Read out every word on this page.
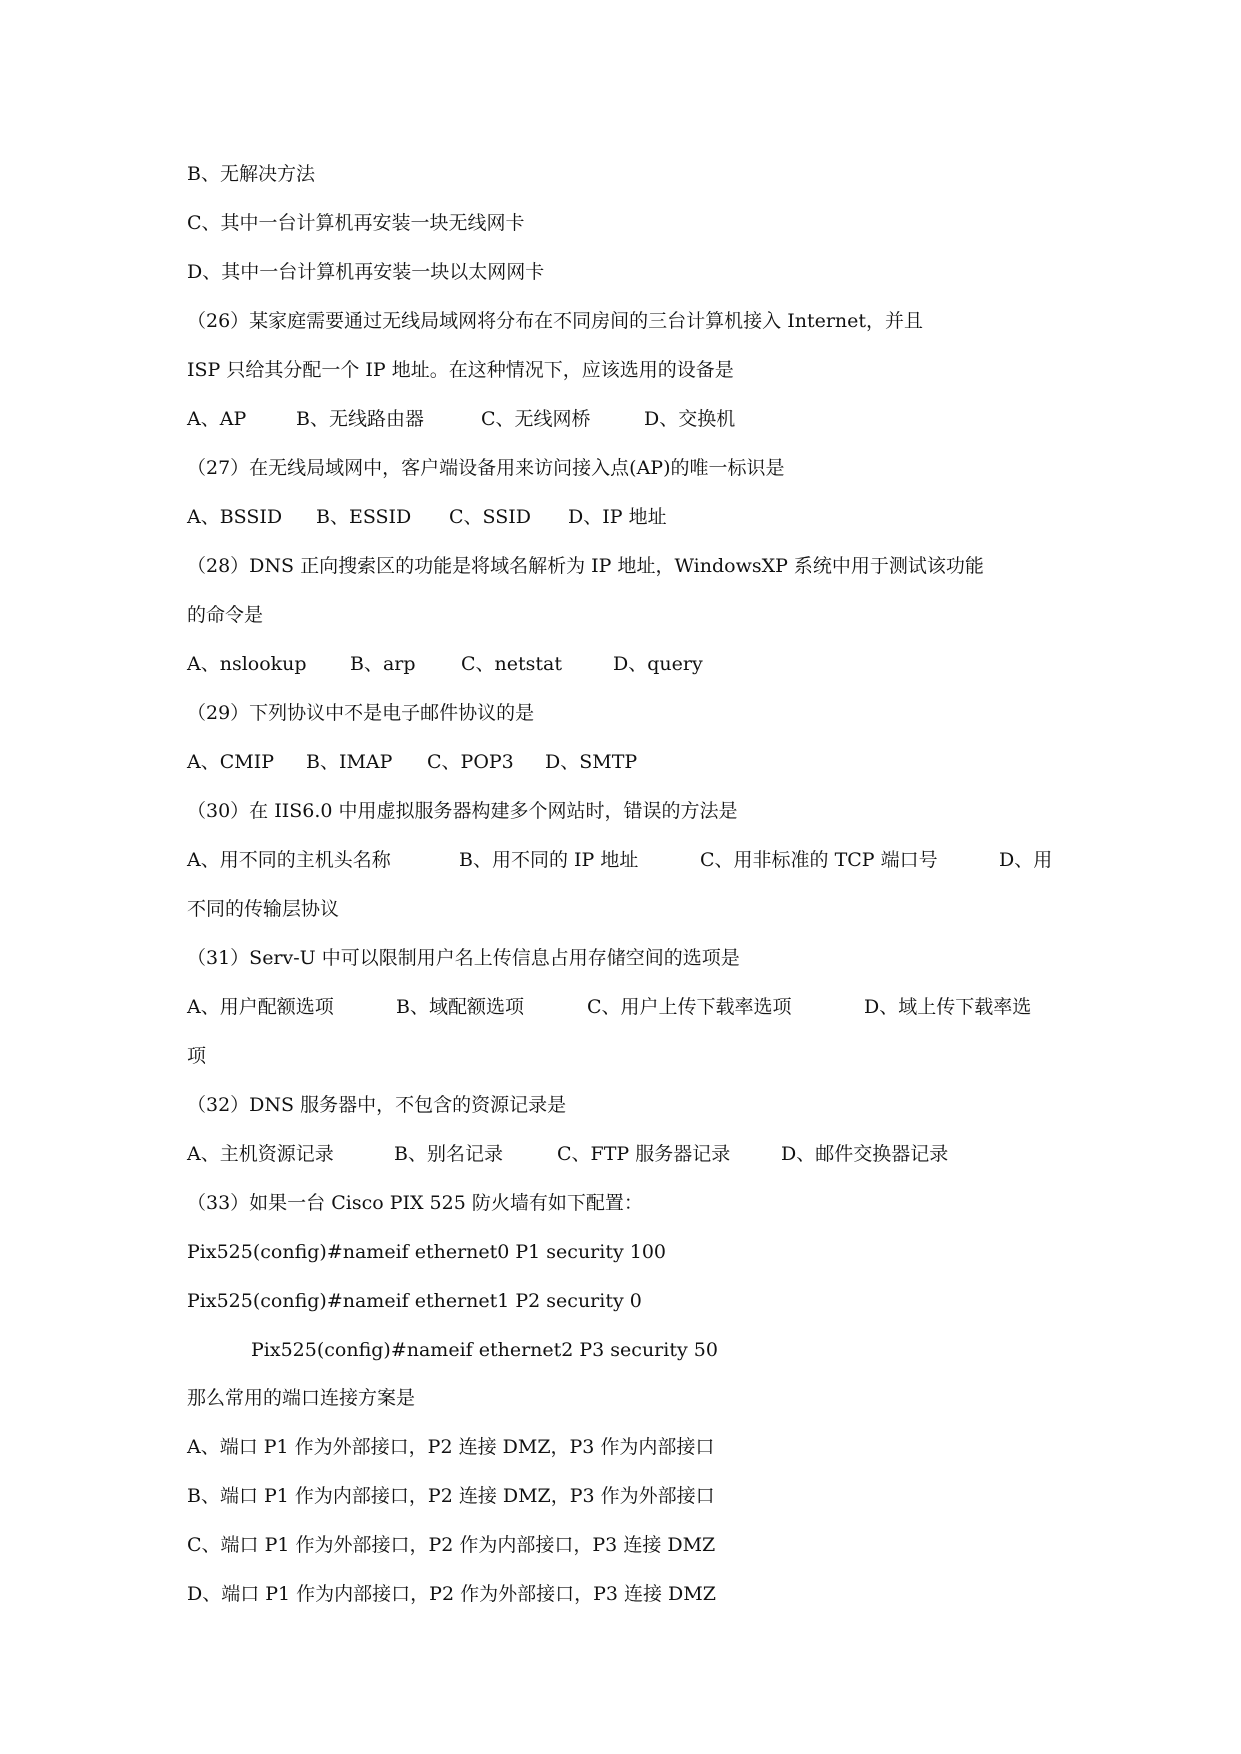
B、无解决方法
C、其中一台计算机再安装一块无线网卡
D、其中一台计算机再安装一块以太网网卡
（26）某家庭需要通过无线局域网将分布在不同房间的三台计算机接入 Internet，并且
ISP 只给其分配一个 IP 地址。在这种情况下，应该选用的设备是

A、AP

	B、无线路由器

	C、无线网桥

	D、交换机

（27）在无线局域网中，客户端设备用来访问接入点(AP)的唯一标识是

A、BSSID

B、ESSID

C、SSID

D、IP 地址

（28）DNS 正向搜索区的功能是将域名解析为 IP 地址，WindowsXP 系统中用于测试该功能
的命令是

A、nslookup

B、arp

C、netstat

	D、query

（29）下列协议中不是电子邮件协议的是

A、CMIP

B、IMAP

C、POP3

D、SMTP

（30）在 IIS6.0 中用虚拟服务器构建多个网站时，错误的方法是

A、用不同的主机头名称

	B、用不同的 IP 地址

	C、用非标准的 TCP 端口号

	D、用

不同的传输层协议
（31）Serv-U 中可以限制用户名上传信息占用存储空间的选项是

A、用户配额选项

	B、域配额选项

	C、用户上传下载率选项

	D、域上传下载率选

项
（32）DNS 服务器中，不包含的资源记录是

A、主机资源记录

	B、别名记录

	C、FTP 服务器记录

	D、邮件交换器记录

（33）如果一台 Cisco PIX 525 防火墙有如下配置：
Pix525(config)#nameif ethernet0 P1 security 100
Pix525(config)#nameif ethernet1 P2 security 0
Pix525(config)#nameif ethernet2 P3 security 50
那么常用的端口连接方案是
A、端口 P1 作为外部接口，P2 连接 DMZ，P3 作为内部接口
B、端口 P1 作为内部接口，P2 连接 DMZ，P3 作为外部接口
C、端口 P1 作为外部接口，P2 作为内部接口，P3 连接 DMZ
D、端口 P1 作为内部接口，P2 作为外部接口，P3 连接 DMZ
